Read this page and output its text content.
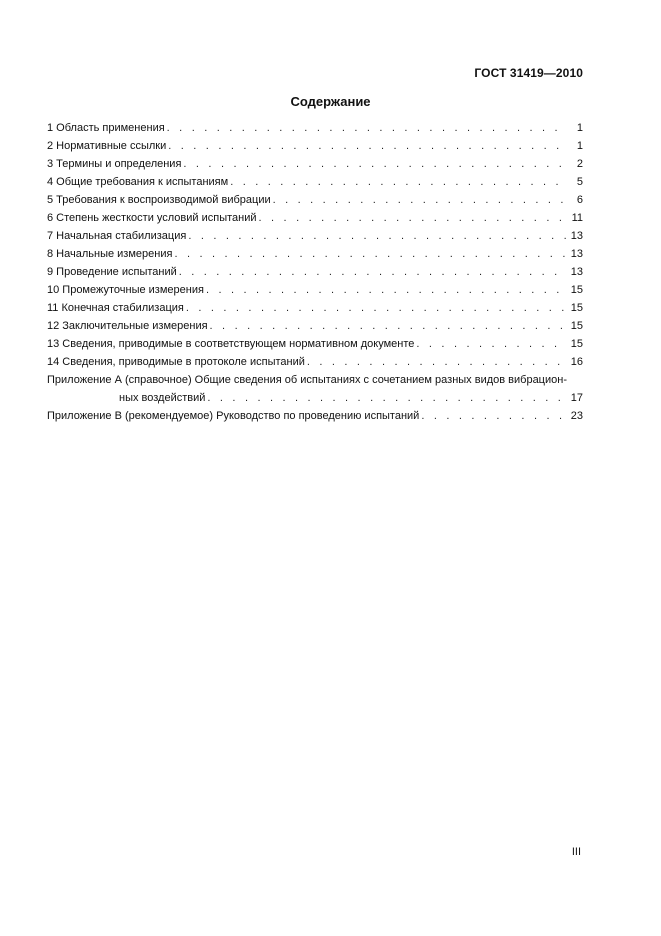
ГОСТ 31419—2010
Содержание
1 Область применения . . .	1
2 Нормативные ссылки . . .	1
3 Термины и определения . . .	2
4 Общие требования к испытаниям . . .	5
5 Требования к воспроизводимой вибрации . . .	6
6 Степень жесткости условий испытаний . . .	11
7 Начальная стабилизация . . .	13
8 Начальные измерения . . .	13
9 Проведение испытаний . . .	13
10 Промежуточные измерения . . .	15
11 Конечная стабилизация . . .	15
12 Заключительные измерения . . .	15
13 Сведения, приводимые в соответствующем нормативном документе . . .	15
14 Сведения, приводимые в протоколе испытаний . . .	16
Приложение А (справочное) Общие сведения об испытаниях с сочетанием разных видов вибрацион-
ных воздействий . . .	17
Приложение В (рекомендуемое) Руководство по проведению испытаний . . .	23
III
